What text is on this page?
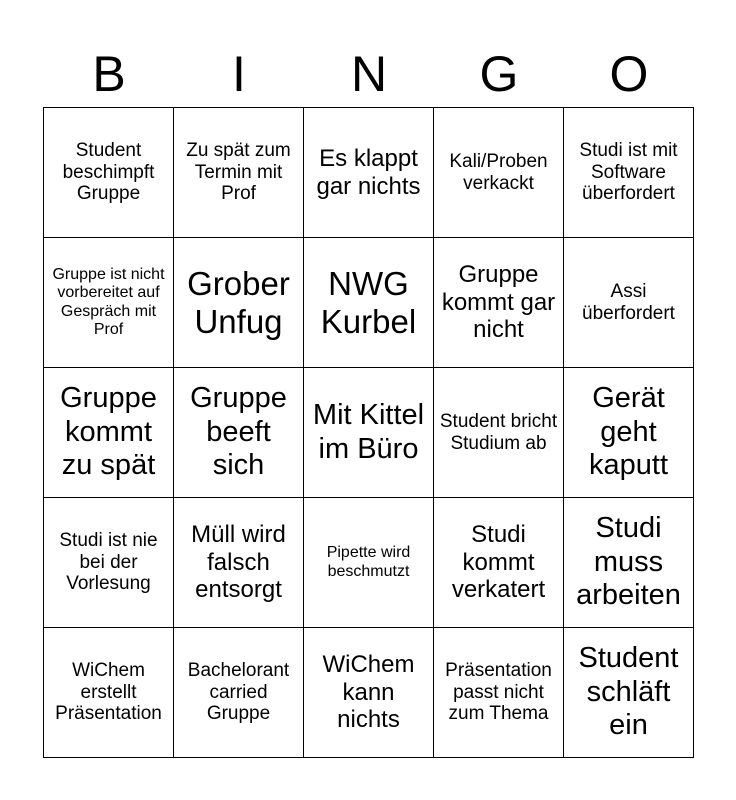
B	I	N	G	O
Student beschimpft Gruppe	Zu spät zum Termin mit Prof	Es klappt gar nichts	Kali/Proben verkackt	Studi ist mit Software überfordert
Gruppe ist nicht vorbereitet auf Gespräch mit Prof	Grober Unfug	NWG Kurbel	Gruppe kommt gar nicht	Assi überfordert
Gruppe kommt zu spät	Gruppe beeft sich	Mit Kittel im Büro	Student bricht Studium ab	Gerät geht kaputt
Studi ist nie bei der Vorlesung	Müll wird falsch entsorgt	Pipette wird beschmutzt	Studi kommt verkatert	Studi muss arbeiten
WiChem erstellt Präsentation	Bachelorant carried Gruppe	WiChem kann nichts	Präsentation passt nicht zum Thema	Student schläft ein
